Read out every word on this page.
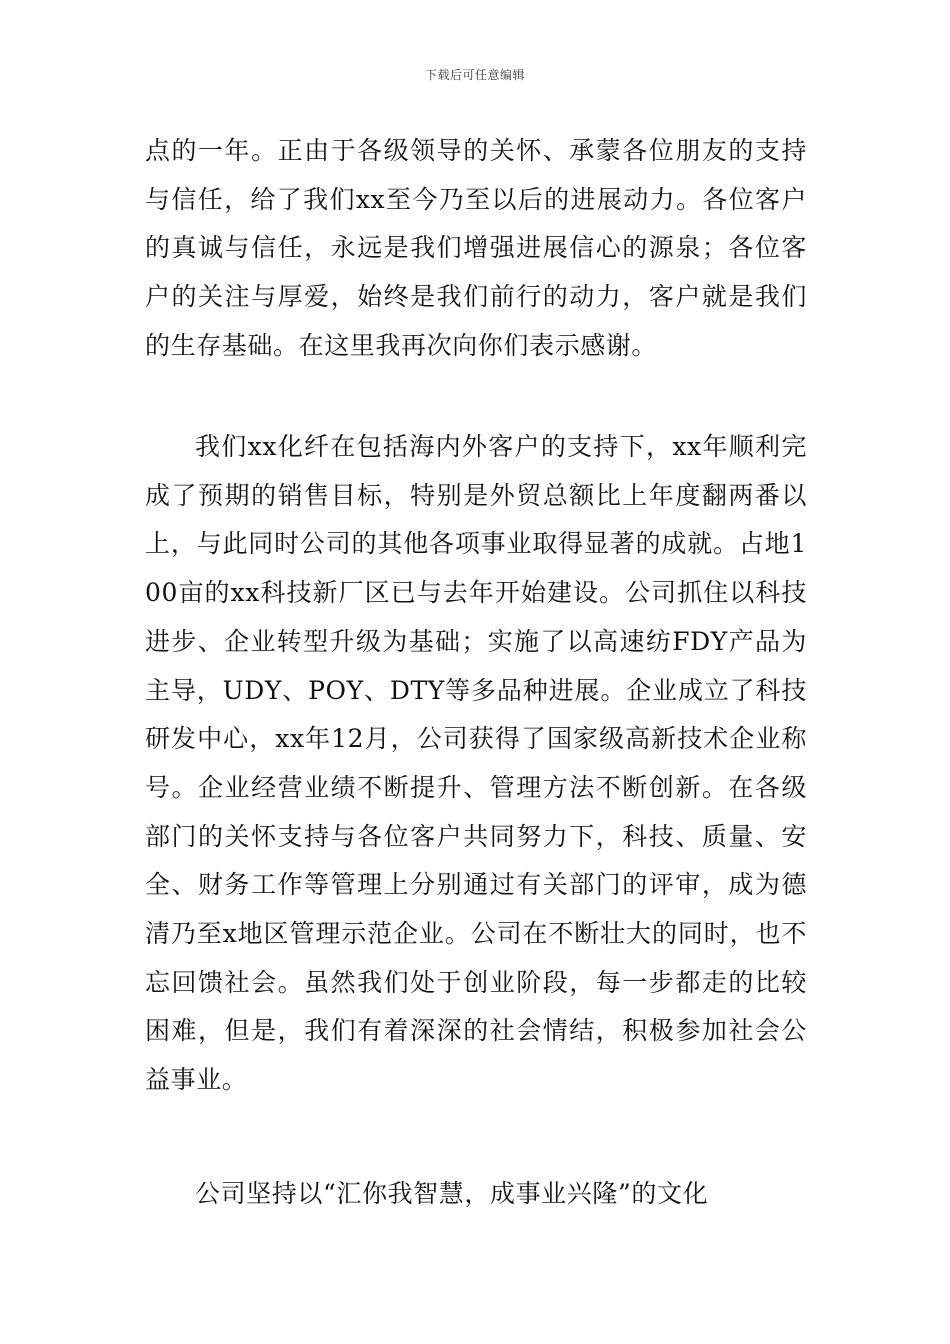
下载后可任意编辑

点的一年。正由于各级领导的关怀、承蒙各位朋友的支持与信任，给了我们xx至今乃至以后的进展动力。各位客户的真诚与信任，永远是我们增强进展信心的源泉；各位客户的关注与厚爱，始终是我们前行的动力，客户就是我们的生存基础。在这里我再次向你们表示感谢。

我们xx化纤在包括海内外客户的支持下，xx年顺利完成了预期的销售目标，特别是外贸总额比上年度翻两番以上，与此同时公司的其他各项事业取得显著的成就。占地100亩的xx科技新厂区已与去年开始建设。公司抓住以科技进步、企业转型升级为基础；实施了以高速纺FDY产品为主导，UDY、POY、DTY等多品种进展。企业成立了科技研发中心，xx年12月，公司获得了国家级高新技术企业称号。企业经营业绩不断提升、管理方法不断创新。在各级部门的关怀支持与各位客户共同努力下，科技、质量、安全、财务工作等管理上分别通过有关部门的评审，成为德清乃至x地区管理示范企业。公司在不断壮大的同时，也不忘回馈社会。虽然我们处于创业阶段，每一步都走的比较困难，但是，我们有着深深的社会情结，积极参加社会公益事业。

公司坚持以“汇你我智慧，成事业兴隆”的文化
